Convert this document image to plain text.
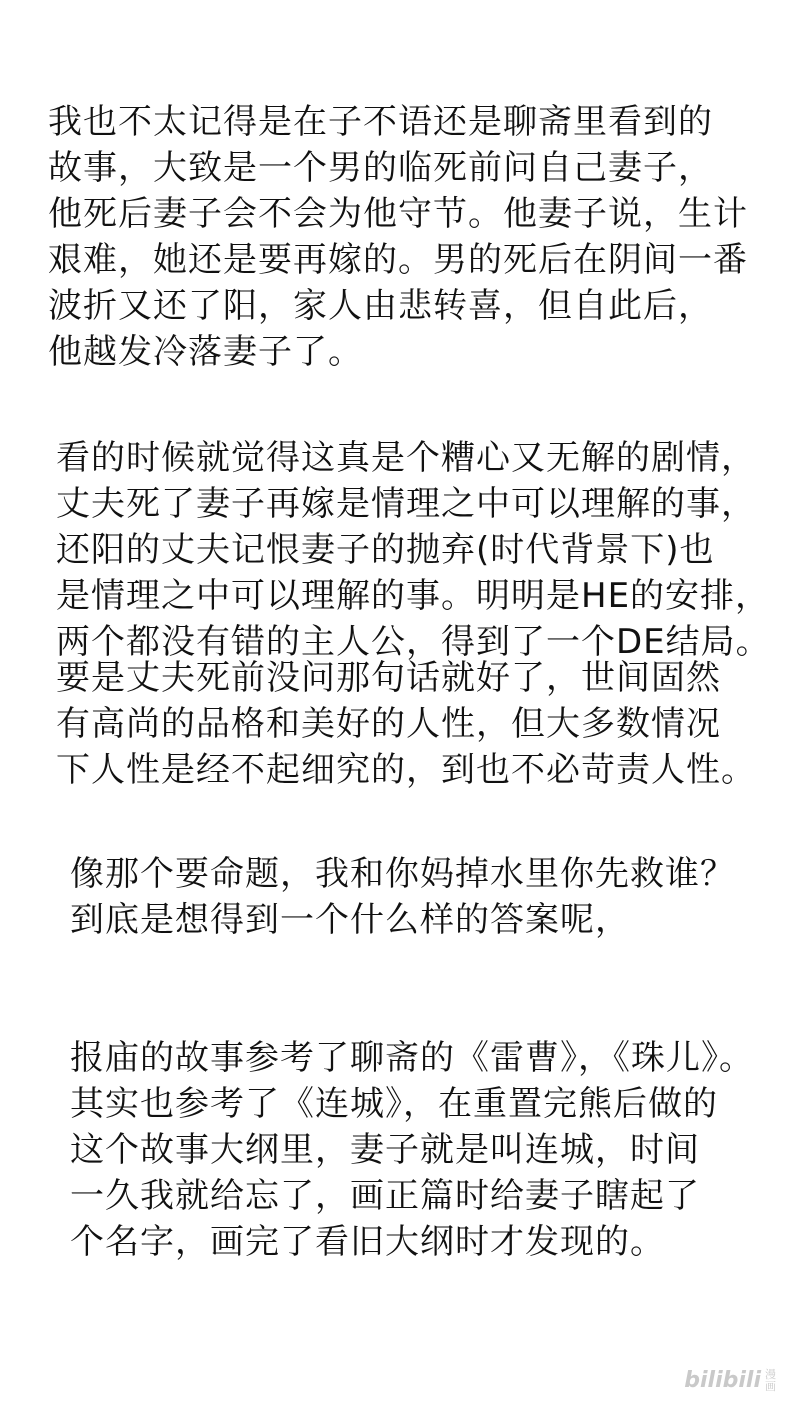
我也不太记得是在子不语还是聊斋里看到的
故事，大致是一个男的临死前问自己妻子，
他死后妻子会不会为他守节。他妻子说，生计
艰难，她还是要再嫁的。男的死后在阴间一番
波折又还了阳，家人由悲转喜，但自此后，
他越发冷落妻子了。
看的时候就觉得这真是个糟心又无解的剧情，
丈夫死了妻子再嫁是情理之中可以理解的事，
还阳的丈夫记恨妻子的抛弃(时代背景下)也
是情理之中可以理解的事。明明是HE的安排，
两个都没有错的主人公，得到了一个DE结局。
要是丈夫死前没问那句话就好了，世间固然
有高尚的品格和美好的人性，但大多数情况
下人性是经不起细究的，到也不必苛责人性。
像那个要命题，我和你妈掉水里你先救谁？
到底是想得到一个什么样的答案呢，
报庙的故事参考了聊斋的《雷曹》，《珠儿》。
其实也参考了《连城》，在重置完熊后做的
这个故事大纲里，妻子就是叫连城，时间
一久我就给忘了，画正篇时给妻子瞎起了
个名字，画完了看旧大纲时才发现的。
bilibili 漫
画
